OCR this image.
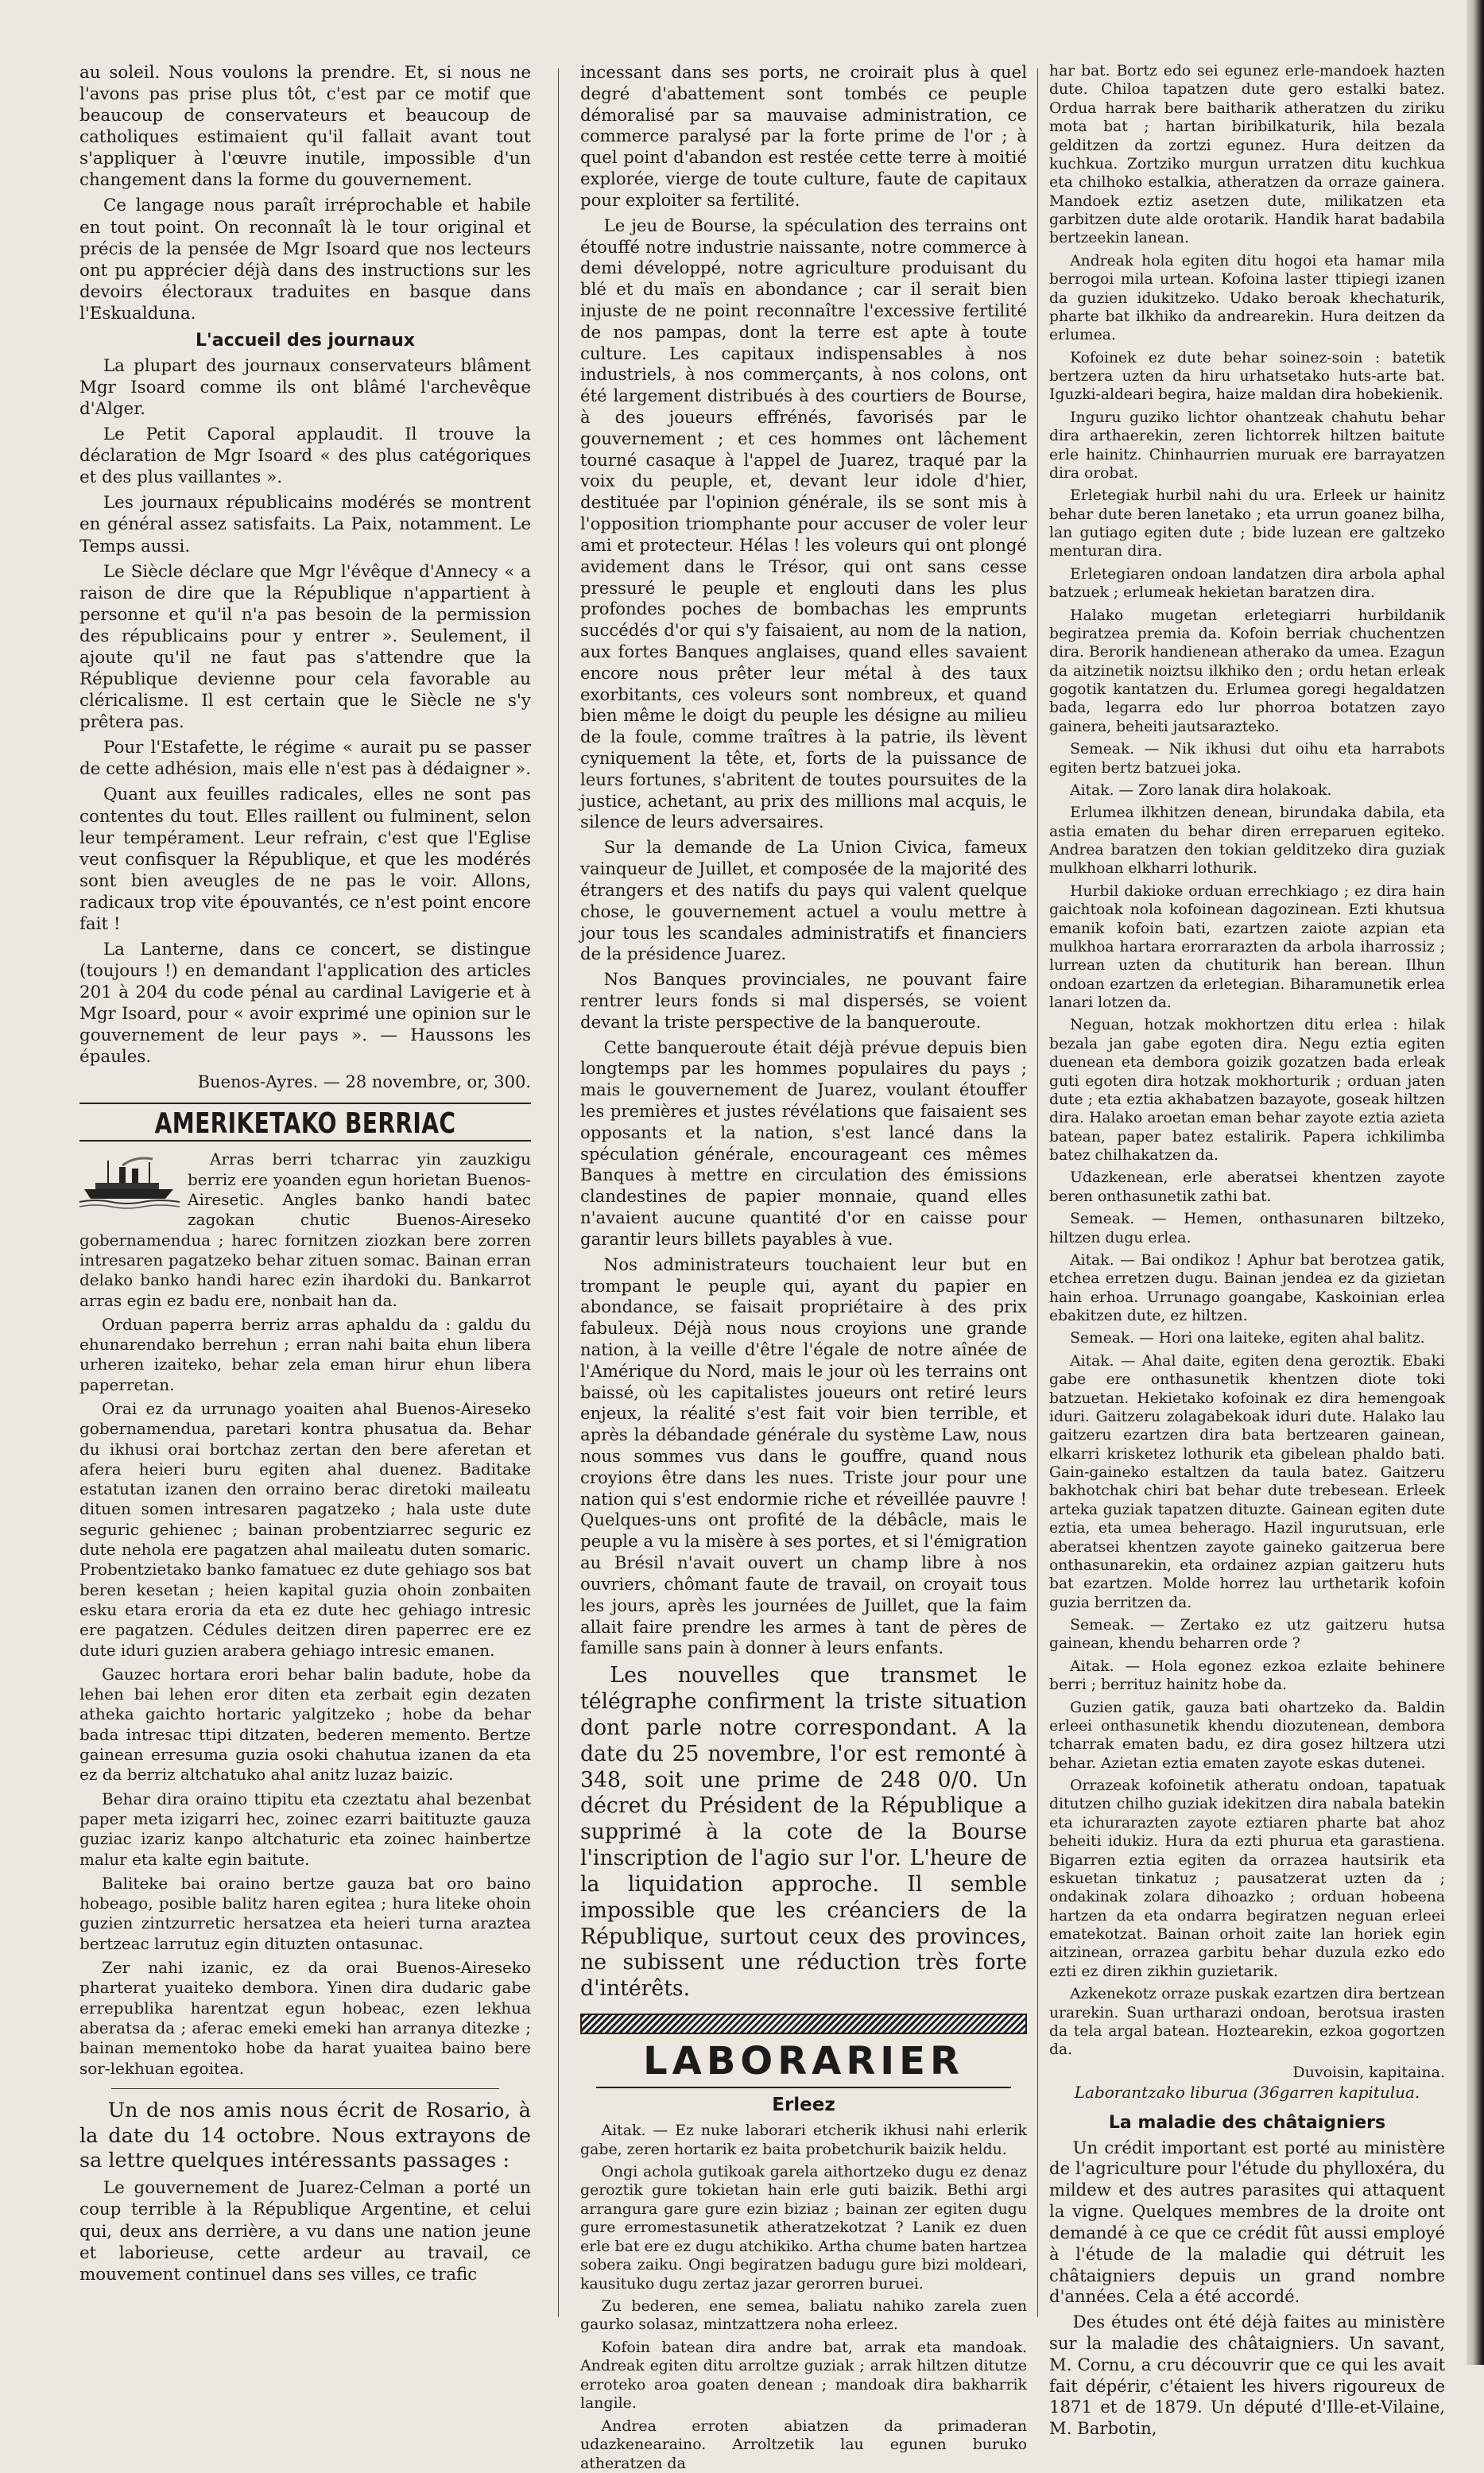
au soleil. Nous voulons la prendre. Et, si nous ne l'avons pas prise plus tôt, c'est par ce motif que beaucoup de conservateurs et beaucoup de catholiques estimaient qu'il fallait avant tout s'appliquer à l'œuvre inutile, impossible d'un changement dans la forme du gouvernement.

Ce langage nous paraît irréprochable et habile en tout point. On reconnaît là le tour original et précis de la pensée de Mgr Isoard que nos lecteurs ont pu apprécier déjà dans des instructions sur les devoirs électoraux traduites en basque dans l'Eskualduna.

L'accueil des journaux

La plupart des journaux conservateurs blâment Mgr Isoard comme ils ont blâmé l'archevêque d'Alger.

Le Petit Caporal applaudit. Il trouve la déclaration de Mgr Isoard « des plus catégoriques et des plus vaillantes ».

Les journaux républicains modérés se montrent en général assez satisfaits. La Paix, notamment. Le Temps aussi.

Le Siècle déclare que Mgr l'évêque d'Annecy « a raison de dire que la République n'appartient à personne et qu'il n'a pas besoin de la permission des républicains pour y entrer ». Seulement, il ajoute qu'il ne faut pas s'attendre que la République devienne pour cela favorable au cléricalisme. Il est certain que le Siècle ne s'y prêtera pas.

Pour l'Estafette, le régime « aurait pu se passer de cette adhésion, mais elle n'est pas à dédaigner ».

Quant aux feuilles radicales, elles ne sont pas contentes du tout. Elles raillent ou fulminent, selon leur tempérament. Leur refrain, c'est que l'Eglise veut confisquer la République, et que les modérés sont bien aveugles de ne pas le voir. Allons, radicaux trop vite épouvantés, ce n'est point encore fait !

La Lanterne, dans ce concert, se distingue (toujours !) en demandant l'application des articles 201 à 204 du code pénal au cardinal Lavigerie et à Mgr Isoard, pour « avoir exprimé une opinion sur le gouvernement de leur pays ». — Haussons les épaules.

Buenos-Ayres. — 28 novembre, or, 300.
AMERIKETAKO BERRIAC

Arras berri tcharrac yin zauzkigu berriz ere yoanden egun horietan Buenos-Airesetic. Angles banko handi batec zagokan chutic Buenos-Aireseko gobernamendua ; harec fornitzen ziozkan bere zorren intresaren pagatzeko behar zituen somac. Bainan erran delako banko handi harec ezin ihardoki du. Bankarrot arras egin ez badu ere, nonbait han da.

Orduan paperra berriz arras aphaldu da : galdu du ehunarendako berrehun ; erran nahi baita ehun libera urheren izaiteko, behar zela eman hirur ehun libera paperretan.

Orai ez da urrunago yoaiten ahal Buenos-Aireseko gobernamendua, paretari kontra phusatua da. Behar du ikhusi orai bortchaz zertan den bere aferetan et afera heieri buru egiten ahal duenez. Baditake estatutan izanen den orraino berac diretoki maileatu dituen somen intresaren pagatzeko ; hala uste dute seguric gehienec ; bainan probentziarrec seguric ez dute nehola ere pagatzen ahal maileatu duten somaric. Probentzietako banko famatuec ez dute gehiago sos bat beren kesetan ; heien kapital guzia ohoin zonbaiten esku etara eroria da eta ez dute hec gehiago intresic ere pagatzen. Cédules deitzen diren paperrec ere ez dute iduri guzien arabera gehiago intresic emanen.

Gauzec hortara erori behar balin badute, hobe da lehen bai lehen eror diten eta zerbait egin dezaten atheka gaichto hortaric yalgitzeko ; hobe da behar bada intresac ttipi ditzaten, bederen memento. Bertze gainean erresuma guzia osoki chahutua izanen da eta ez da berriz altchatuko ahal anitz luzaz baizic.

Behar dira oraino ttipitu eta czeztatu ahal bezenbat paper meta izigarri hec, zoinec ezarri baitituzte gauza guziac izariz kanpo altchaturic eta zoinec hainbertze malur eta kalte egin baitute.

Baliteke bai oraino bertze gauza bat oro baino hobeago, posible balitz haren egitea ; hura liteke ohoin guzien zintzurretic hersatzea eta heieri turna araztea bertzeac larrutuz egin dituzten ontasunac.

Zer nahi izanic, ez da orai Buenos-Aireseko pharterat yuaiteko dembora. Yinen dira dudaric gabe errepublika harentzat egun hobeac, ezen lekhua aberatsa da ; aferac emeki emeki han arranya ditezke ; bainan mementoko hobe da harat yuaitea baino bere sor-lekhuan egoitea.

Un de nos amis nous écrit de Rosario, à la date du 14 octobre. Nous extrayons de sa lettre quelques intéressants passages :

Le gouvernement de Juarez-Celman a porté un coup terrible à la République Argentine, et celui qui, deux ans derrière, a vu dans une nation jeune et laborieuse, cette ardeur au travail, ce mouvement continuel dans ses villes, ce trafic

incessant dans ses ports, ne croirait plus à quel degré d'abattement sont tombés ce peuple démoralisé par sa mauvaise administration, ce commerce paralysé par la forte prime de l'or ; à quel point d'abandon est restée cette terre à moitié explorée, vierge de toute culture, faute de capitaux pour exploiter sa fertilité.

Le jeu de Bourse, la spéculation des terrains ont étouffé notre industrie naissante, notre commerce à demi développé, notre agriculture produisant du blé et du maïs en abondance ; car il serait bien injuste de ne point reconnaître l'excessive fertilité de nos pampas, dont la terre est apte à toute culture. Les capitaux indispensables à nos industriels, à nos commerçants, à nos colons, ont été largement distribués à des courtiers de Bourse, à des joueurs effrénés, favorisés par le gouvernement ; et ces hommes ont lâchement tourné casaque à l'appel de Juarez, traqué par la voix du peuple, et, devant leur idole d'hier, destituée par l'opinion générale, ils se sont mis à l'opposition triomphante pour accuser de voler leur ami et protecteur. Hélas ! les voleurs qui ont plongé avidement dans le Trésor, qui ont sans cesse pressuré le peuple et englouti dans les plus profondes poches de bombachas les emprunts succédés d'or qui s'y faisaient, au nom de la nation, aux fortes Banques anglaises, quand elles savaient encore nous prêter leur métal à des taux exorbitants, ces voleurs sont nombreux, et quand bien même le doigt du peuple les désigne au milieu de la foule, comme traîtres à la patrie, ils lèvent cyniquement la tête, et, forts de la puissance de leurs fortunes, s'abritent de toutes poursuites de la justice, achetant, au prix des millions mal acquis, le silence de leurs adversaires.

Sur la demande de La Union Civica, fameux vainqueur de Juillet, et composée de la majorité des étrangers et des natifs du pays qui valent quelque chose, le gouvernement actuel a voulu mettre à jour tous les scandales administratifs et financiers de la présidence Juarez.

Nos Banques provinciales, ne pouvant faire rentrer leurs fonds si mal dispersés, se voient devant la triste perspective de la banqueroute.

Cette banqueroute était déjà prévue depuis bien longtemps par les hommes populaires du pays ; mais le gouvernement de Juarez, voulant étouffer les premières et justes révélations que faisaient ses opposants et la nation, s'est lancé dans la spéculation générale, encourageant ces mêmes Banques à mettre en circulation des émissions clandestines de papier monnaie, quand elles n'avaient aucune quantité d'or en caisse pour garantir leurs billets payables à vue.

Nos administrateurs touchaient leur but en trompant le peuple qui, ayant du papier en abondance, se faisait propriétaire à des prix fabuleux. Déjà nous nous croyions une grande nation, à la veille d'être l'égale de notre aînée de l'Amérique du Nord, mais le jour où les terrains ont baissé, où les capitalistes joueurs ont retiré leurs enjeux, la réalité s'est fait voir bien terrible, et après la débandade générale du système Law, nous nous sommes vus dans le gouffre, quand nous croyions être dans les nues. Triste jour pour une nation qui s'est endormie riche et réveillée pauvre ! Quelques-uns ont profité de la débâcle, mais le peuple a vu la misère à ses portes, et si l'émigration au Brésil n'avait ouvert un champ libre à nos ouvriers, chômant faute de travail, on croyait tous les jours, après les journées de Juillet, que la faim allait faire prendre les armes à tant de pères de famille sans pain à donner à leurs enfants.

Les nouvelles que transmet le télégraphe confirment la triste situation dont parle notre correspondant. A la date du 25 novembre, l'or est remonté à 348, soit une prime de 248 0/0. Un décret du Président de la République a supprimé à la cote de la Bourse l'inscription de l'agio sur l'or. L'heure de la liquidation approche. Il semble impossible que les créanciers de la République, surtout ceux des provinces, ne subissent une réduction très forte d'intérêts.

LABORARIER
Erleez

Aitak. — Ez nuke laborari etcherik ikhusi nahi erlerik gabe, zeren hortarik ez baita probetchurik baizik heldu.

Ongi achola gutikoak garela aithortzeko dugu ez denaz geroztik gure tokietan hain erle guti baizik. Bethi argi arrangura gare gure ezin biziaz ; bainan zer egiten dugu gure erromestasunetik atheratzekotzat ? Lanik ez duen erle bat ere ez dugu atchikiko. Artha chume baten hartzea sobera zaiku. Ongi begiratzen badugu gure bizi moldeari, kausituko dugu zertaz jazar gerorren buruei.

Zu bederen, ene semea, baliatu nahiko zarela zuen gaurko solasaz, mintzattzera noha erleez.

Kofoin batean dira andre bat, arrak eta mandoak. Andreak egiten ditu arroltze guziak ; arrak hiltzen ditutze erroteko aroa goaten denean ; mandoak dira bakharrik langile.

Andrea erroten abiatzen da primaderan udazkenearaino. Arroltzetik lau egunen buruko atheratzen da

har bat. Bortz edo sei egunez erle-mandoek hazten dute. Chiloa tapatzen dute gero estalki batez. Ordua harrak bere baitharik atheratzen du ziriku mota bat ; hartan biribilkaturik, hila bezala gelditzen da zortzi egunez. Hura deitzen da kuchkua. Zortziko murgun urratzen ditu kuchkua eta chilhoko estalkia, atheratzen da orraze gainera. Mandoek eztiz asetzen dute, milikatzen eta garbitzen dute alde orotarik. Handik harat badabila bertzeekin lanean.

Andreak hola egiten ditu hogoi eta hamar mila berrogoi mila urtean. Kofoina laster ttipiegi izanen da guzien idukitzeko. Udako beroak khechaturik, pharte bat ilkhiko da andrearekin. Hura deitzen da erlumea.

Kofoinek ez dute behar soinez-soin : batetik bertzera uzten da hiru urhatsetako huts-arte bat. Iguzki-aldeari begira, haize maldan dira hobekienik.

Inguru guziko lichtor ohantzeak chahutu behar dira arthaerekin, zeren lichtorrek hiltzen baitute erle hainitz. Chinhaurrien muruak ere barrayatzen dira orobat.

Erletegiak hurbil nahi du ura. Erleek ur hainitz behar dute beren lanetako ; eta urrun goanez bilha, lan gutiago egiten dute ; bide luzean ere galtzeko menturan dira.

Erletegiaren ondoan landatzen dira arbola aphal batzuek ; erlumeak hekietan baratzen dira.

Halako mugetan erletegiarri hurbildanik begiratzea premia da. Kofoin berriak chuchentzen dira. Berorik handienean atherako da umea. Ezagun da aitzinetik noiztsu ilkhiko den ; ordu hetan erleak gogotik kantatzen du. Erlumea goregi hegaldatzen bada, legarra edo lur phorroa botatzen zayo gainera, beheiti jautsarazteko.

Semeak. — Nik ikhusi dut oihu eta harrabots egiten bertz batzuei joka.

Aitak. — Zoro lanak dira holakoak.

Erlumea ilkhitzen denean, birundaka dabila, eta astia ematen du behar diren erreparuen egiteko. Andrea baratzen den tokian gelditzeko dira guziak mulkhoan elkharri lothurik.

Hurbil dakioke orduan errechkiago ; ez dira hain gaichtoak nola kofoinean dagozinean. Ezti khutsua emanik kofoin bati, ezartzen zaiote azpian eta mulkhoa hartara erorrarazten da arbola iharrossiz ; lurrean uzten da chutiturik han berean. Ilhun ondoan ezartzen da erletegian. Biharamunetik erlea lanari lotzen da.

Neguan, hotzak mokhortzen ditu erlea : hilak bezala jan gabe egoten dira. Negu eztia egiten duenean eta dembora goizik gozatzen bada erleak guti egoten dira hotzak mokhorturik ; orduan jaten dute ; eta eztia akhabatzen bazayote, goseak hiltzen dira. Halako aroetan eman behar zayote eztia azieta batean, paper batez estalirik. Papera ichkilimba batez chilhakatzen da.

Udazkenean, erle aberatsei khentzen zayote beren onthasunetik zathi bat.

Semeak. — Hemen, onthasunaren biltzeko, hiltzen dugu erlea.

Aitak. — Bai ondikoz ! Aphur bat berotzea gatik, etchea erretzen dugu. Bainan jendea ez da gizietan hain erhoa. Urrunago goangabe, Kaskoinian erlea ebakitzen dute, ez hiltzen.

Semeak. — Hori ona laiteke, egiten ahal balitz.

Aitak. — Ahal daite, egiten dena geroztik. Ebaki gabe ere onthasunetik khentzen diote toki batzuetan. Hekietako kofoinak ez dira hemengoak iduri. Gaitzeru zolagabekoak iduri dute. Halako lau gaitzeru ezartzen dira bata bertzearen gainean, elkarri krisketez lothurik eta gibelean phaldo bati. Gain-gaineko estaltzen da taula batez. Gaitzeru bakhotchak chiri bat behar dute trebesean. Erleek arteka guziak tapatzen dituzte. Gainean egiten dute eztia, eta umea beherago. Hazil ingurutsuan, erle aberatsei khentzen zayote gaineko gaitzerua bere onthasunarekin, eta ordainez azpian gaitzeru huts bat ezartzen. Molde horrez lau urthetarik kofoin guzia berritzen da.

Semeak. — Zertako ez utz gaitzeru hutsa gainean, khendu beharren orde ?

Aitak. — Hola egonez ezkoa ezlaite behinere berri ; berrituz hainitz hobe da.

Guzien gatik, gauza bati ohartzeko da. Baldin erleei onthasunetik khendu diozutenean, dembora tcharrak ematen badu, ez dira gosez hiltzera utzi behar. Azietan eztia ematen zayote eskas dutenei.

Orrazeak kofoinetik atheratu ondoan, tapatuak ditutzen chilho guziak idekitzen dira nabala batekin eta ichurarazten zayote eztiaren pharte bat ahoz beheiti idukiz. Hura da ezti phurua eta garastiena. Bigarren eztia egiten da orrazea hautsirik eta eskuetan tinkatuz ; pausatzerat uzten da ; ondakinak zolara dihoazko ; orduan hobeena hartzen da eta ondarra begiratzen neguan erleei ematekotzat. Bainan orhoit zaite lan horiek egin aitzinean, orrazea garbitu behar duzula ezko edo ezti ez diren zikhin guzietarik.

Azkenekotz orraze puskak ezartzen dira bertzean urarekin. Suan urtharazi ondoan, berotsua irasten da tela argal batean. Hoztearekin, ezkoa gogortzen da.

Duvoisin, kapitaina.
Laborantzako liburua (36garren kapitulua.
La maladie des châtaigniers

Un crédit important est porté au ministère de l'agriculture pour l'étude du phylloxéra, du mildew et des autres parasites qui attaquent la vigne. Quelques membres de la droite ont demandé à ce que ce crédit fût aussi employé à l'étude de la maladie qui détruit les châtaigniers depuis un grand nombre d'années. Cela a été accordé.

Des études ont été déjà faites au ministère sur la maladie des châtaigniers. Un savant, M. Cornu, a cru découvrir que ce qui les avait fait dépérir, c'étaient les hivers rigoureux de 1871 et de 1879. Un député d'Ille-et-Vilaine, M. Barbotin,
